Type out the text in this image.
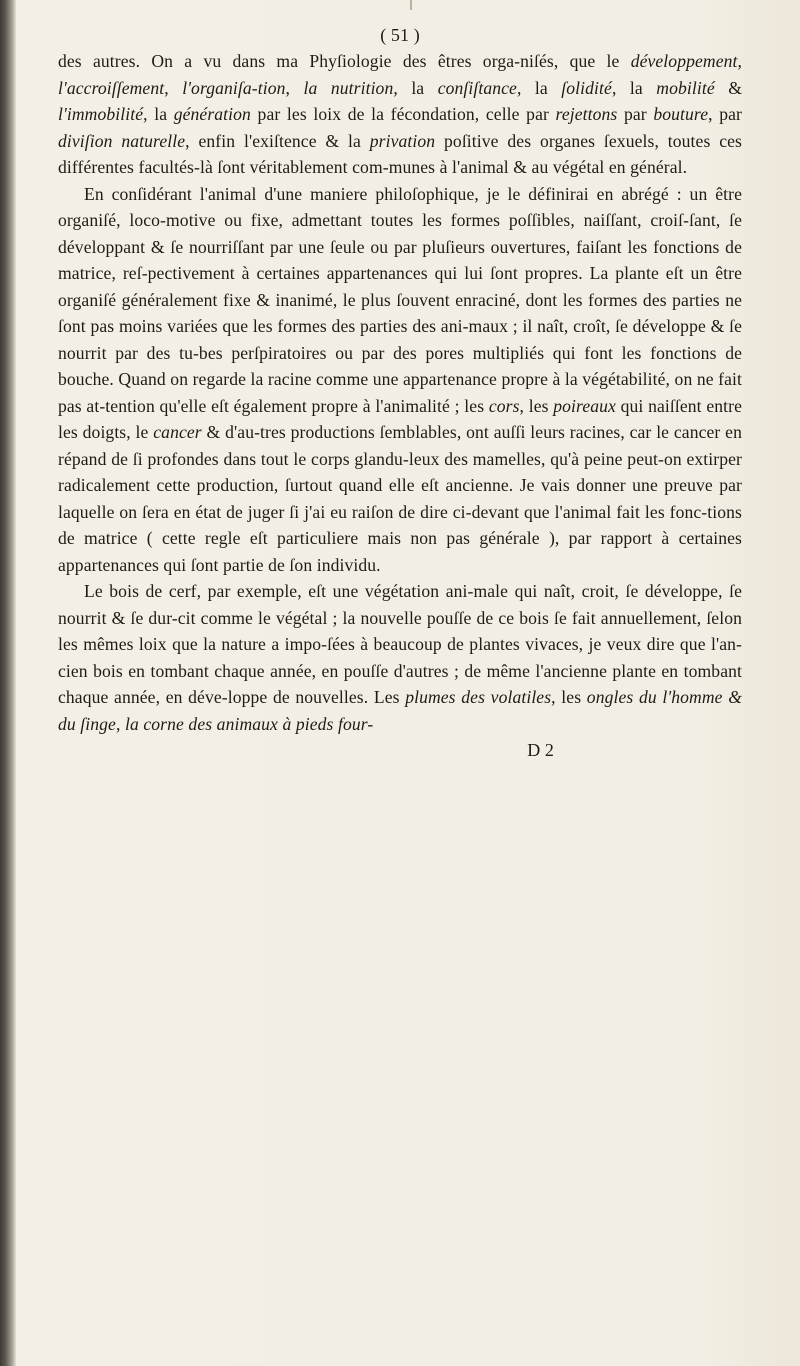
( 51 )

des autres. On a vu dans ma Phyſiologie des êtres orga-niſés, que le développement, l'accroiſſement, l'organiſa-tion, la nutrition, la conſiſtance, la ſolidité, la mobilité & l'immobilité, la génération par les loix de la fécondation, celle par rejettons par bouture, par diviſion naturelle, enfin l'exiſtence & la privation poſitive des organes ſexuels, toutes ces différentes facultés-là ſont véritablement com-munes à l'animal & au végétal en général.

En conſidérant l'animal d'une maniere philoſophique, je le définirai en abrégé : un être organiſé, loco-motive ou fixe, admettant toutes les formes poſſibles, naiſſant, croiſ-ſant, ſe développant & ſe nourriſſant par une ſeule ou par pluſieurs ouvertures, faiſant les fonctions de matrice, reſ-pectivement à certaines appartenances qui lui ſont propres. La plante eſt un être organiſé généralement fixe & inanimé, le plus ſouvent enraciné, dont les formes des parties ne ſont pas moins variées que les formes des parties des ani-maux ; il naît, croît, ſe développe & ſe nourrit par des tu-bes perſpiratoires ou par des pores multipliés qui font les fonctions de bouche. Quand on regarde la racine comme une appartenance propre à la végétabilité, on ne fait pas at-tention qu'elle eſt également propre à l'animalité ; les cors, les poireaux qui naiſſent entre les doigts, le cancer & d'au-tres productions ſemblables, ont auſſi leurs racines, car le cancer en répand de ſi profondes dans tout le corps glandu-leux des mamelles, qu'à peine peut-on extirper radicalement cette production, ſurtout quand elle eſt ancienne. Je vais donner une preuve par laquelle on ſera en état de juger ſi j'ai eu raiſon de dire ci-devant que l'animal fait les fonc-tions de matrice ( cette regle eſt particuliere mais non pas générale ), par rapport à certaines appartenances qui ſont partie de ſon individu.

Le bois de cerf, par exemple, eſt une végétation ani-male qui naît, croit, ſe développe, ſe nourrit & ſe dur-cit comme le végétal ; la nouvelle pouſſe de ce bois ſe fait annuellement, ſelon les mêmes loix que la nature a impo-ſées à beaucoup de plantes vivaces, je veux dire que l'an-cien bois en tombant chaque année, en pouſſe d'autres ; de même l'ancienne plante en tombant chaque année, en déve-loppe de nouvelles. Les plumes des volatiles, les ongles du l'homme & du ſinge, la corne des animaux à pieds four-

D 2
